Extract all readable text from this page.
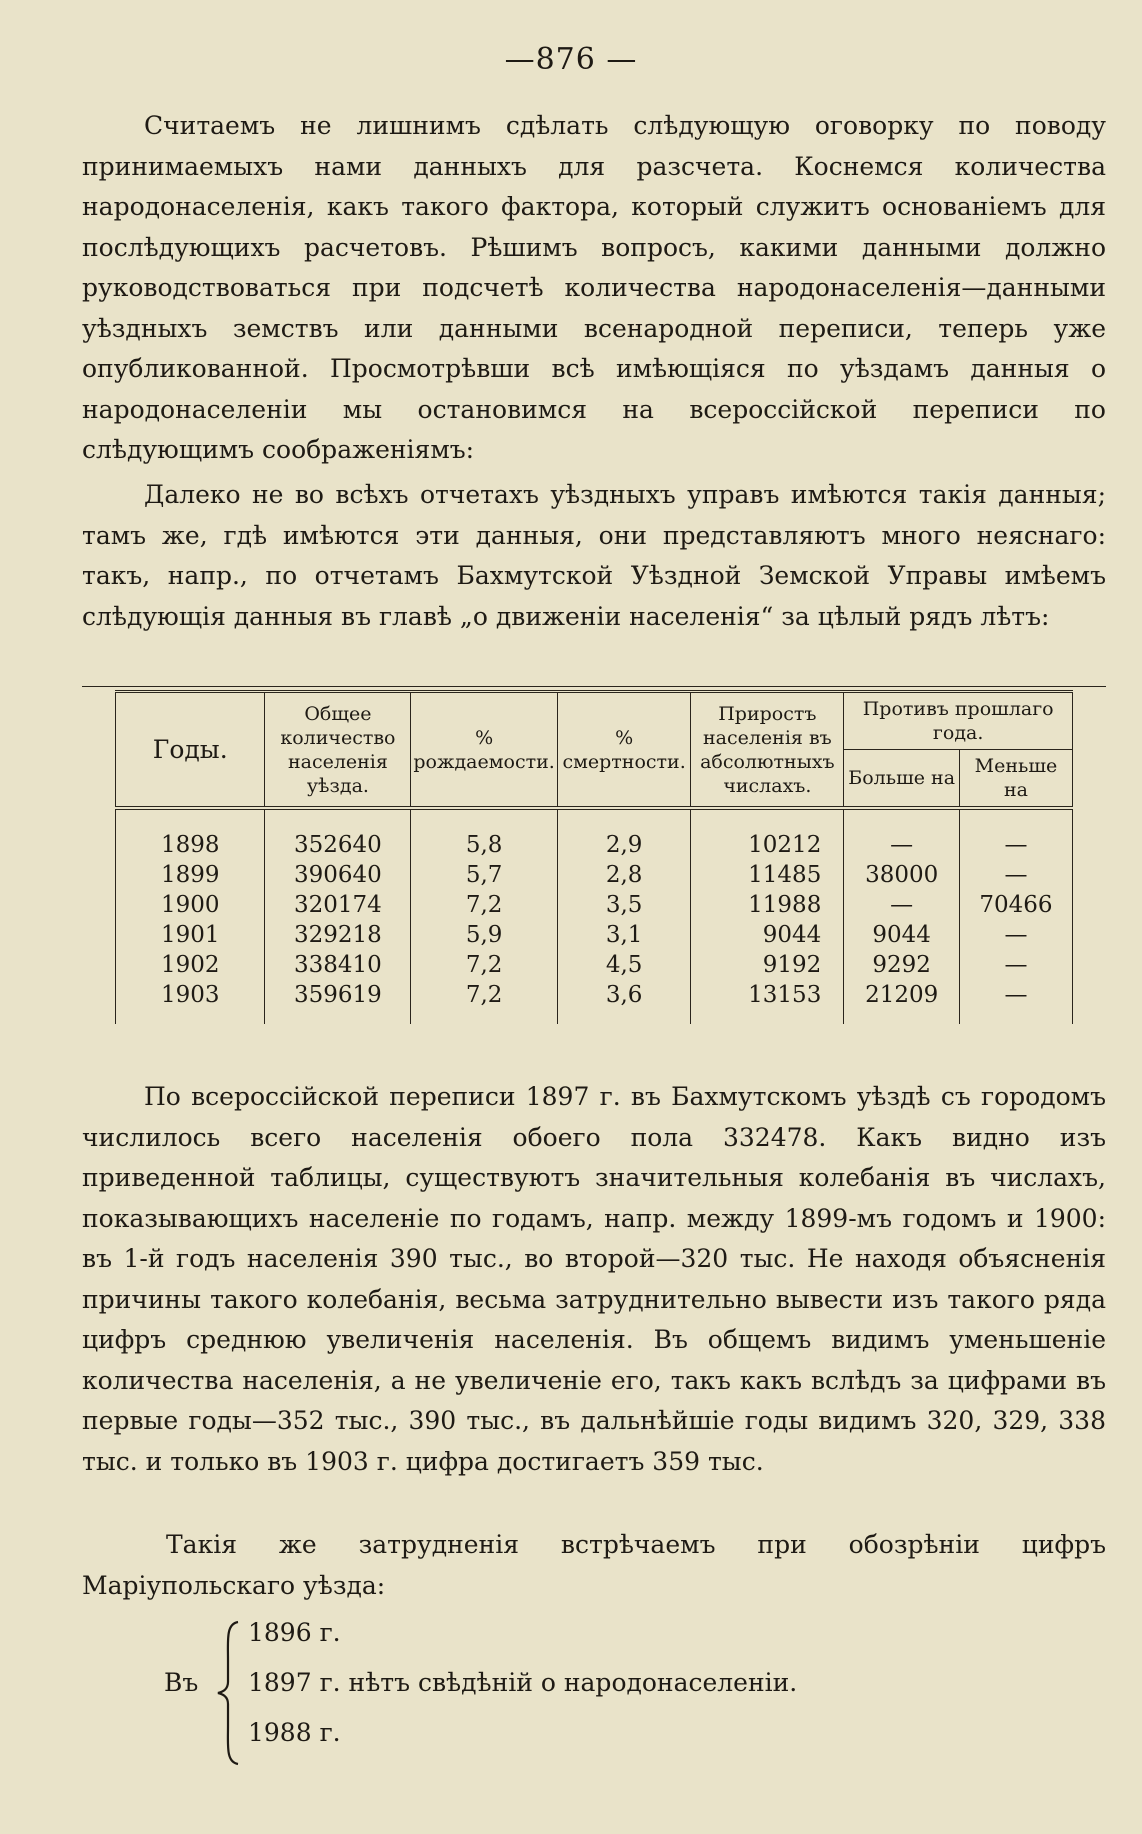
—876 —
Считаемъ не лишнимъ сдѣлать слѣдующую оговорку по поводу принимаемыхъ нами данныхъ для разсчета. Коснемся количества народонаселенія, какъ такого фактора, который служитъ основаніемъ для послѣдующихъ расчетовъ. Рѣшимъ вопросъ, какими данными должно руководствоваться при подсчетѣ количества народонаселенія—данными уѣздныхъ земствъ или данными всенародной переписи, теперь уже опубликованной. Просмотрѣвши всѣ имѣющіяся по уѣздамъ данныя о народонаселеніи мы остановимся на всероссійской переписи по слѣдующимъ соображеніямъ:
Далеко не во всѣхъ отчетахъ уѣздныхъ управъ имѣются такія данныя; тамъ же, гдѣ имѣются эти данныя, они представляютъ много неяснаго: такъ, напр., по отчетамъ Бахмутской Уѣздной Земской Управы имѣемъ слѣдующія данныя въ главѣ „о движеніи населенія“ за цѣлый рядъ лѣтъ:
Годы.	Общее количество населенія уѣзда.	% рождаемости.	% смертности.	Приростъ населенія въ абсолютныхъ числахъ.	Противъ прошлаго года.	
					Больше на	Меньше на
1898	352640	5,8	2,9	10212	—	—
1899	390640	5,7	2,8	11485	38000	—
1900	320174	7,2	3,5	11988	—	70466
1901	329218	5,9	3,1	9044	9044	—
1902	338410	7,2	4,5	9192	9292	—
1903	359619	7,2	3,6	13153	21209	—
По всероссійской переписи 1897 г. въ Бахмутскомъ уѣздѣ съ городомъ числилось всего населенія обоего пола 332478. Какъ видно изъ приведенной таблицы, существуютъ значительныя колебанія въ числахъ, показывающихъ населеніе по годамъ, напр. между 1899-мъ годомъ и 1900: въ 1-й годъ населенія 390 тыс., во второй—320 тыс. Не находя объясненія причины такого колебанія, весьма затруднительно вывести изъ такого ряда цифръ среднюю увеличенія населенія. Въ общемъ видимъ уменьшеніе количества населенія, а не увеличеніе его, такъ какъ вслѣдъ за цифрами въ первые годы—352 тыс., 390 тыс., въ дальнѣйшіе годы видимъ 320, 329, 338 тыс. и только въ 1903 г. цифра достигаетъ 359 тыс.
Такія же затрудненія встрѣчаемъ при обозрѣніи цифръ Маріупольскаго уѣзда:
Въ
1896 г.
1897 г. нѣтъ свѣдѣній о народонаселеніи.
1988 г.
